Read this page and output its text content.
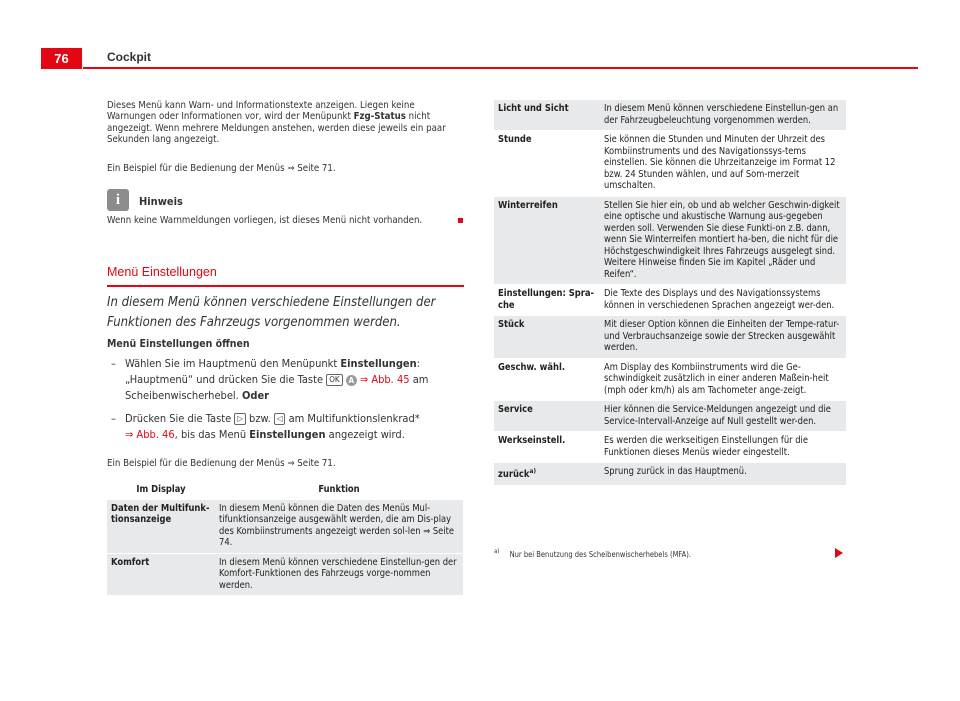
76	Cockpit

Dieses Menü kann Warn- und Informationstexte anzeigen. Liegen keine Warnungen oder Informationen vor, wird der Menüpunkt Fzg-Status nicht angezeigt. Wenn mehrere Meldungen anstehen, werden diese jeweils ein paar Sekunden lang angezeigt.

Ein Beispiel für die Bedienung der Menüs ⇒ Seite 71.

i	Hinweis

Wenn keine Warnmeldungen vorliegen, ist dieses Menü nicht vorhanden.

Menü Einstellungen
In diesem Menü können verschiedene Einstellungen der Funktionen des Fahrzeugs vorgenommen werden.
Menü Einstellungen öffnen
– Wählen Sie im Hauptmenü den Menüpunkt Einstellungen:
„Hauptmenü“ und drücken Sie die Taste OK A ⇒ Abb. 45 am
Scheibenwischerhebel. Oder
– Drücken Sie die Taste ▷ bzw. ◁ am Multifunktionslenkrad*
⇒ Abb. 46, bis das Menü Einstellungen angezeigt wird.

Ein Beispiel für die Bedienung der Menüs ⇒ Seite 71.

Im Display	Funktion
Daten der Multifunk-tionsanzeige	In diesem Menü können die Daten des Menüs Mul-tifunktionsanzeige ausgewählt werden, die am Dis-play des Kombiinstruments angezeigt werden sol-len ⇒ Seite 74.
Komfort	In diesem Menü können verschiedene Einstellun-gen der Komfort-Funktionen des Fahrzeugs vorge-nommen werden.
Licht und Sicht	In diesem Menü können verschiedene Einstellun-gen an der Fahrzeugbeleuchtung vorgenommen werden.
Stunde	Sie können die Stunden und Minuten der Uhrzeit des Kombiinstruments und des Navigationssys-tems einstellen. Sie können die Uhrzeitanzeige im Format 12 bzw. 24 Stunden wählen, und auf Som-merzeit umschalten.
Winterreifen	Stellen Sie hier ein, ob und ab welcher Geschwin-digkeit eine optische und akustische Warnung aus-gegeben werden soll. Verwenden Sie diese Funkti-on z.B. dann, wenn Sie Winterreifen montiert ha-ben, die nicht für die Höchstgeschwindigkeit Ihres Fahrzeugs ausgelegt sind. Weitere Hinweise finden Sie im Kapitel „Räder und Reifen“.
Einstellungen: Spra-che	Die Texte des Displays und des Navigationssystems können in verschiedenen Sprachen angezeigt wer-den.
Stück	Mit dieser Option können die Einheiten der Tempe-ratur- und Verbrauchsanzeige sowie der Strecken ausgewählt werden.
Geschw. wähl.	Am Display des Kombiinstruments wird die Ge-schwindigkeit zusätzlich in einer anderen Maßein-heit (mph oder km/h) als am Tachometer ange-zeigt.
Service	Hier können die Service-Meldungen angezeigt und die Service-Intervall-Anzeige auf Null gestellt wer-den.
Werkseinstell.	Es werden die werkseitigen Einstellungen für die Funktionen dieses Menüs wieder eingestellt.
zurück$^{a)}$	Sprung zurück in das Hauptmenü.
$^{a)}$ Nur bei Benutzung des Scheibenwischerhebels (MFA).
